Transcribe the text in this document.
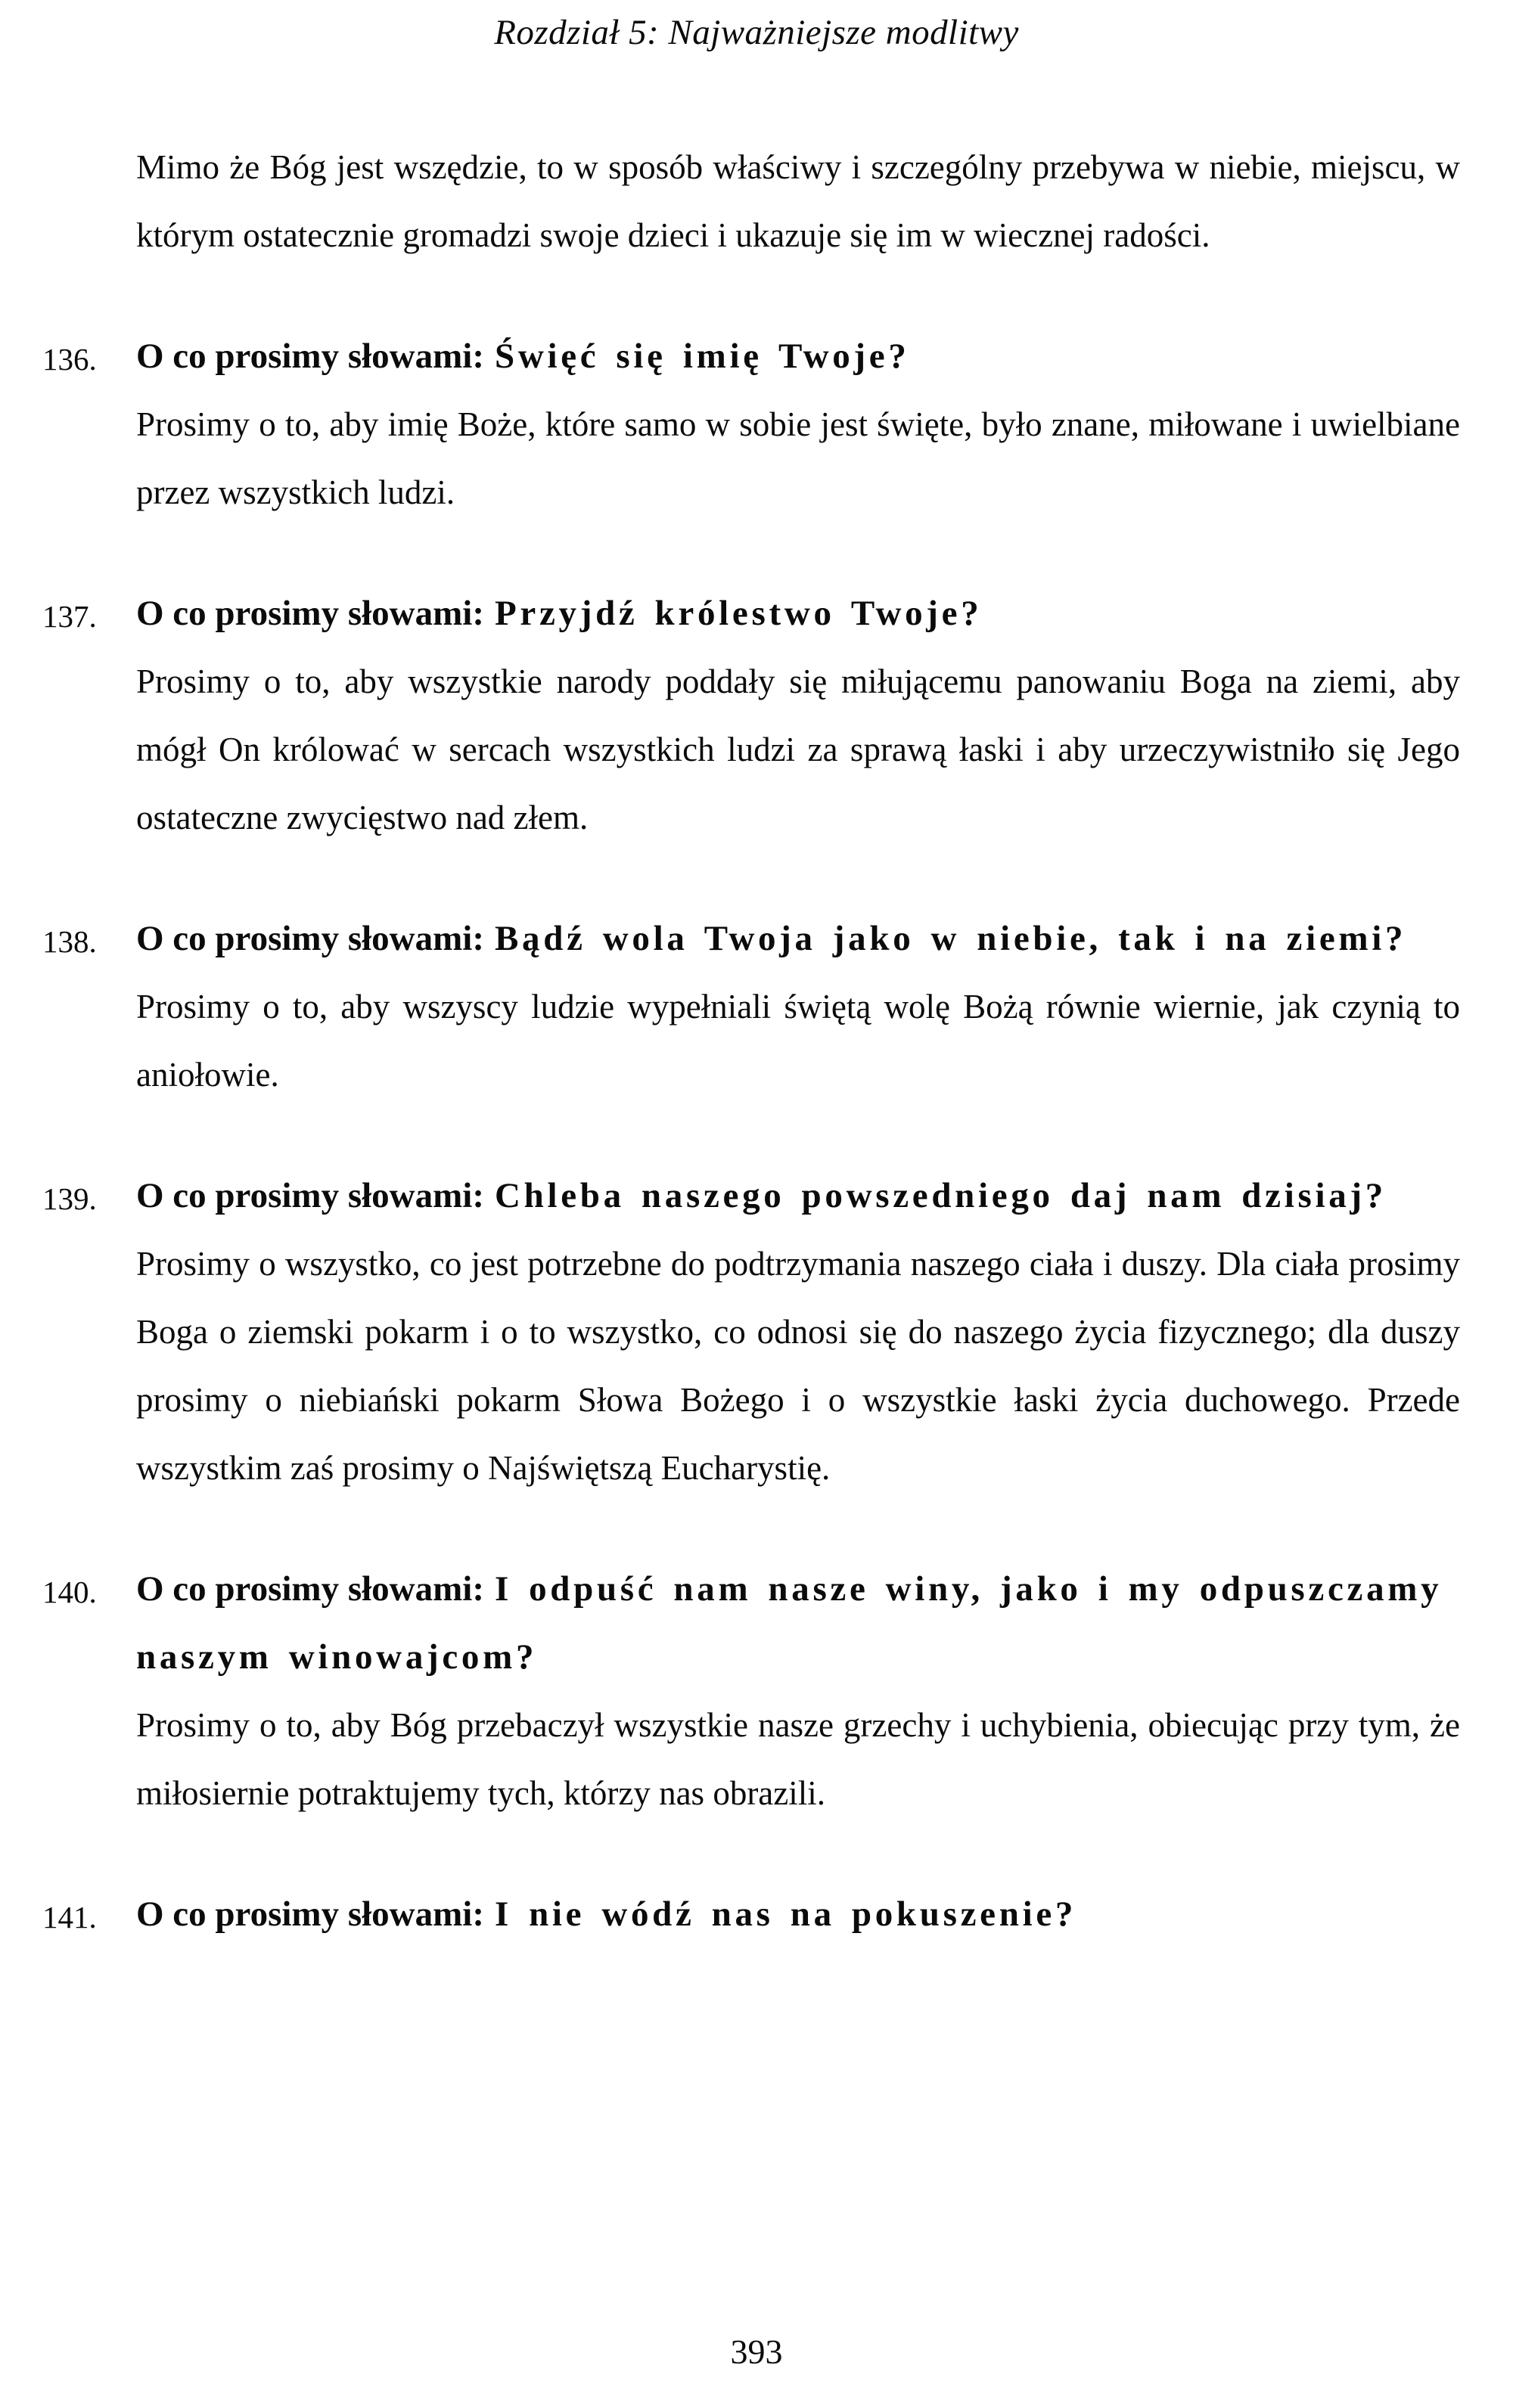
Rozdział 5: Najważniejsze modlitwy

Mimo że Bóg jest wszędzie, to w sposób właściwy i szczególny przebywa w niebie, miejscu, w którym ostatecznie gromadzi swoje dzieci i ukazuje się im w wiecznej radości.

136. O co prosimy słowami: Święć się imię Twoje?

Prosimy o to, aby imię Boże, które samo w sobie jest święte, było znane, miłowane i uwielbiane przez wszystkich ludzi.

137. O co prosimy słowami: Przyjdź królestwo Twoje?

Prosimy o to, aby wszystkie narody poddały się miłującemu panowaniu Boga na ziemi, aby mógł On królować w sercach wszystkich ludzi za sprawą łaski i aby urzeczywistniło się Jego ostateczne zwycięstwo nad złem.

138. O co prosimy słowami: Bądź wola Twoja jako w niebie, tak i na ziemi?

Prosimy o to, aby wszyscy ludzie wypełniali świętą wolę Bożą równie wiernie, jak czynią to aniołowie.

139. O co prosimy słowami: Chleba naszego powszedniego daj nam dzisiaj?

Prosimy o wszystko, co jest potrzebne do podtrzymania naszego ciała i duszy. Dla ciała prosimy Boga o ziemski pokarm i o to wszystko, co odnosi się do naszego życia fizycznego; dla duszy prosimy o niebiański pokarm Słowa Bożego i o wszystkie łaski życia duchowego. Przede wszystkim zaś prosimy o Najświętszą Eucharystię.

140. O co prosimy słowami: I odpuść nam nasze winy, jako i my odpuszczamy naszym winowajcom?

Prosimy o to, aby Bóg przebaczył wszystkie nasze grzechy i uchybienia, obiecując przy tym, że miłosiernie potraktujemy tych, którzy nas obrazili.

141. O co prosimy słowami: I nie wódź nas na pokuszenie?
393
